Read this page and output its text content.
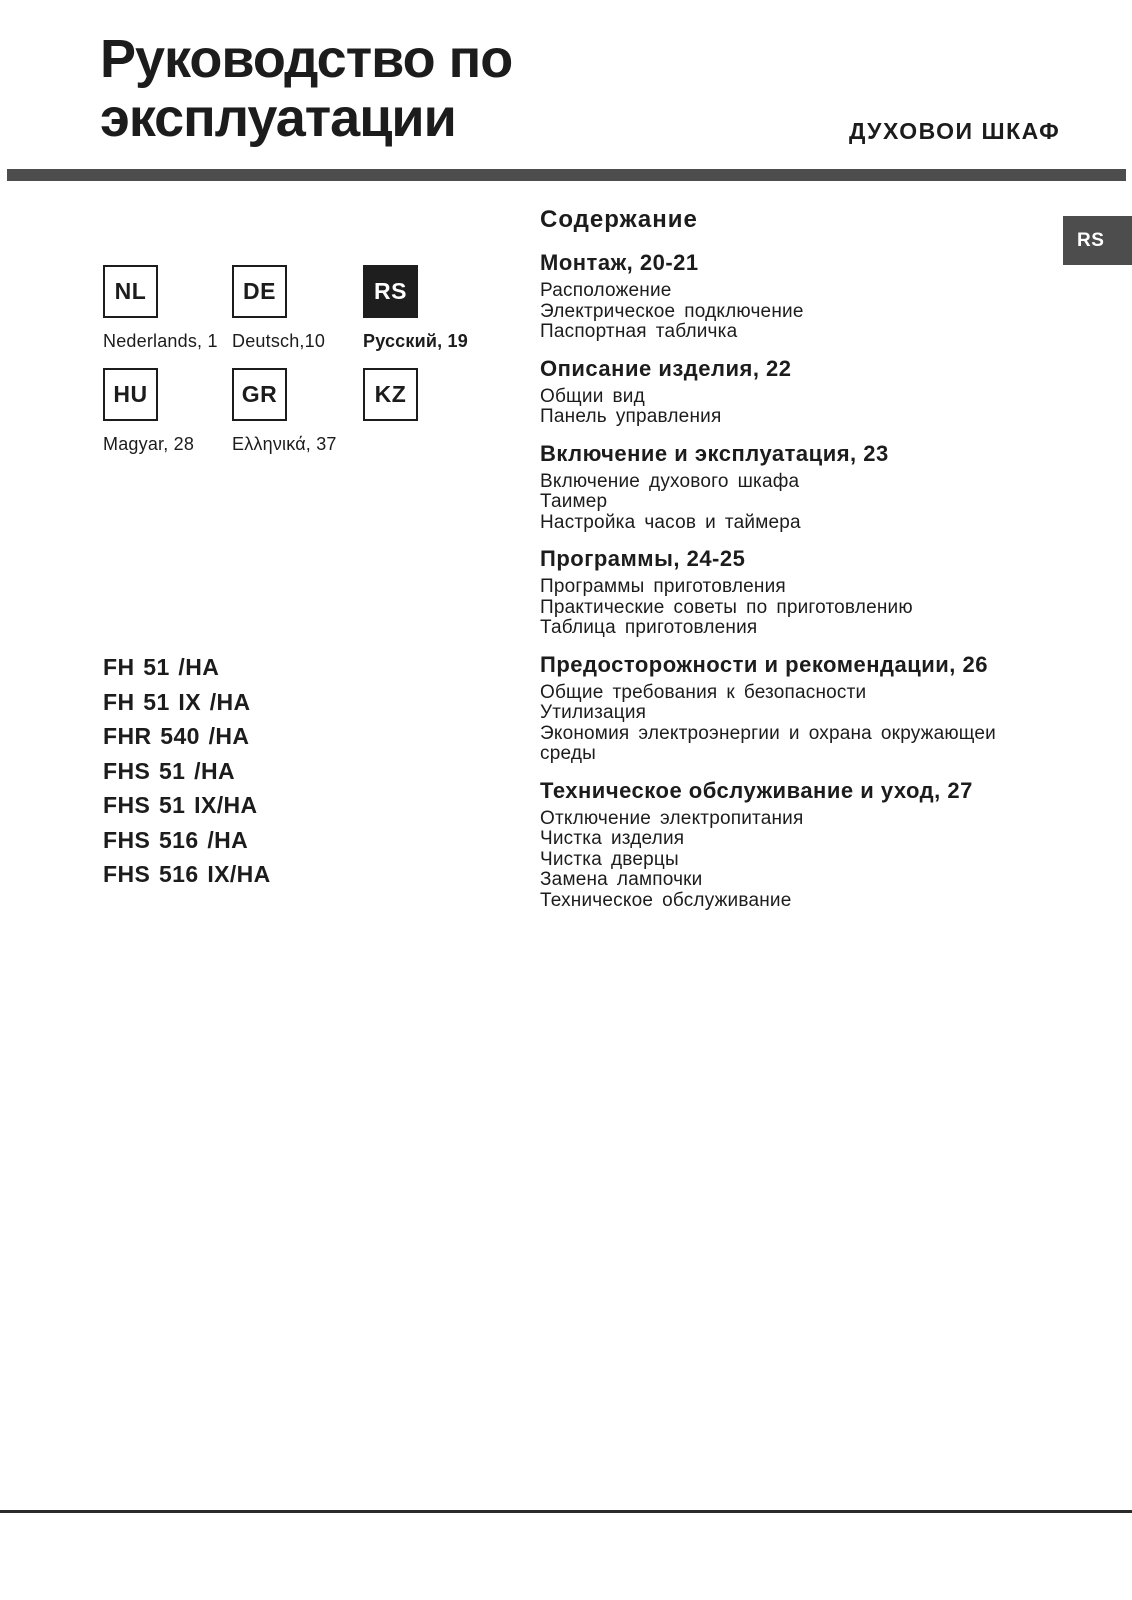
Руководство по
эксплуатации	ДУХОВОИ ШКАФ
RS
NL
Nederlands, 1
DE
Deutsch,10
RS
Русский, 19
HU
Magyar, 28
GR
Ελληνικά, 37
KZ
FH 51 /HA
FH 51 IX /HA
FHR 540 /HA
FHS 51 /HA
FHS 51 IX/HA
FHS 516 /HA
FHS 516 IX/HA
Содержание
Монтаж, 20-21
Расположение
Электрическое подключение
Паспортная табличка
Описание изделия, 22
Общии вид
Панель управления
Включение и эксплуатация, 23
Включение духового шкафа
Таимер
Настройка часов и таймера
Программы, 24-25
Программы приготовления
Практические советы по приготовлению
Таблица приготовления
Предосторожности и рекомендации, 26
Общие требования к безопасности
Утилизация
Экономия электроэнергии и охрана окружающеи
среды
Техническое обслуживание и уход, 27
Отключение электропитания
Чистка изделия
Чистка дверцы
Замена лампочки
Техническое обслуживание
